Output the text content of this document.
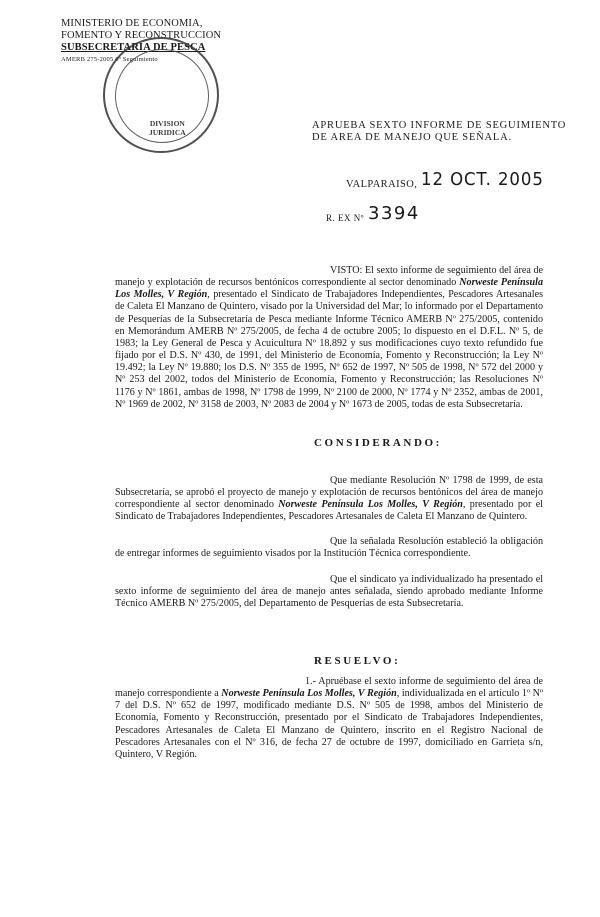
MINISTERIO DE ECONOMIA,
FOMENTO Y RECONSTRUCCION
SUBSECRETARIA DE PESCA
AMERB 275-2005 6º Seguimiento
DIVISION
JURIDICA
APRUEBA SEXTO INFORME DE SEGUIMIENTO
DE AREA DE MANEJO QUE SEÑALA.
VALPARAISO, 12 OCT. 2005
R. EX Nº 3394
VISTO: El sexto informe de seguimiento del área de manejo y explotación de recursos bentónicos correspondiente al sector denominado Norweste Península Los Molles, V Región, presentado el Sindicato de Trabajadores Independientes, Pescadores Artesanales de Caleta El Manzano de Quintero, visado por la Universidad del Mar; lo informado por el Departamento de Pesquerías de la Subsecretaría de Pesca mediante Informe Técnico AMERB Nº 275/2005, contenido en Memorándum AMERB Nº 275/2005, de fecha 4 de octubre 2005; lo dispuesto en el D.F.L. Nº 5, de 1983; la Ley General de Pesca y Acuicultura Nº 18.892 y sus modificaciones cuyo texto refundido fue fijado por el D.S. Nº 430, de 1991, del Ministerio de Economía, Fomento y Reconstrucción; la Ley Nº 19.492; la Ley Nº 19.880; los D.S. Nº 355 de 1995, Nº 652 de 1997, Nº 505 de 1998, Nº 572 del 2000 y Nº 253 del 2002, todos del Ministerio de Economía, Fomento y Reconstrucción; las Resoluciones Nº 1176 y Nº 1861, ambas de 1998, Nº 1798 de 1999, Nº 2100 de 2000, Nº 1774 y Nº 2352, ambas de 2001, Nº 1969 de 2002, Nº 3158 de 2003, Nº 2083 de 2004 y Nº 1673 de 2005, todas de esta Subsecretaría.
CONSIDERANDO:
Que mediante Resolución Nº 1798 de 1999, de esta Subsecretaría, se aprobó el proyecto de manejo y explotación de recursos bentónicos del área de manejo correspondiente al sector denominado Norweste Península Los Molles, V Región, presentado por el Sindicato de Trabajadores Independientes, Pescadores Artesanales de Caleta El Manzano de Quintero.
Que la señalada Resolución estableció la obligación de entregar informes de seguimiento visados por la Institución Técnica correspondiente.
Que el sindicato ya individualizado ha presentado el sexto informe de seguimiento del área de manejo antes señalada, siendo aprobado mediante Informe Técnico AMERB Nº 275/2005, del Departamento de Pesquerías de esta Subsecretaría.
RESUELVO:
1.- Apruébase el sexto informe de seguimiento del área de manejo correspondiente a Norweste Península Los Molles, V Región, individualizada en el artículo 1º Nº 7 del D.S. Nº 652 de 1997, modificado mediante D.S. Nº 505 de 1998, ambos del Ministerio de Economía, Fomento y Reconstrucción, presentado por el Sindicato de Trabajadores Independientes, Pescadores Artesanales de Caleta El Manzano de Quintero, inscrito en el Registro Nacional de Pescadores Artesanales con el Nº 316, de fecha 27 de octubre de 1997, domiciliado en Garrieta s/n, Quintero, V Región.
